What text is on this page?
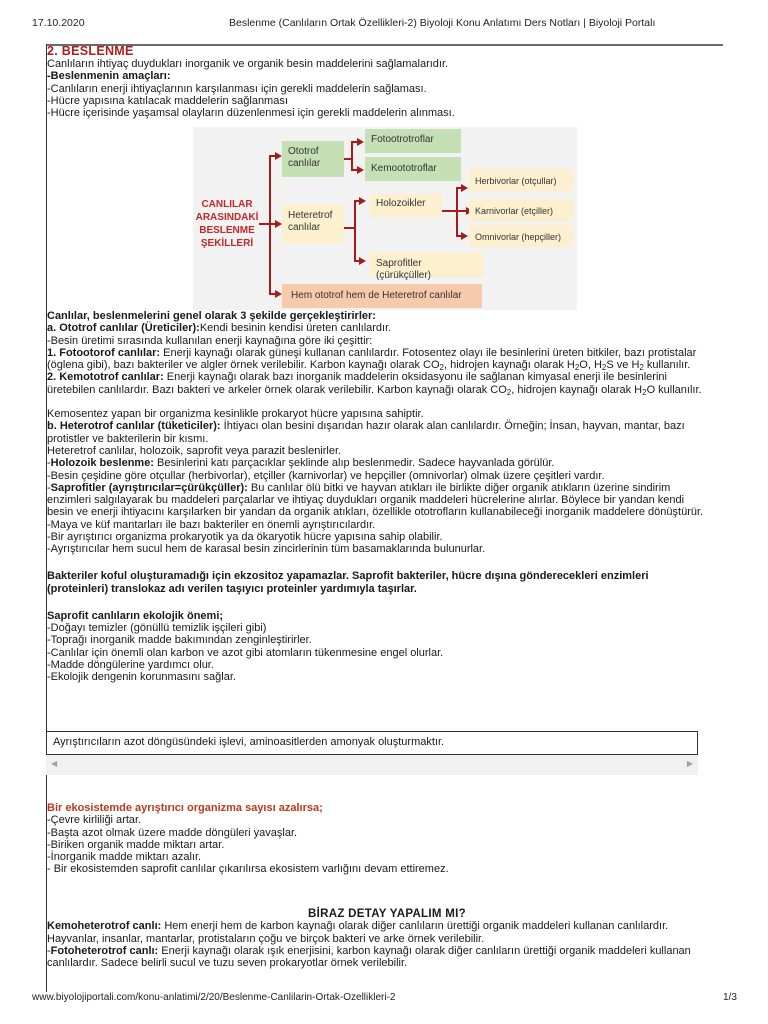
17.10.2020	Beslenme (Canlıların Ortak Özellikleri-2) Biyoloji Konu Anlatımı Ders Notları | Biyoloji Portalı
2. BESLENME
Canlıların ihtiyaç duydukları inorganik ve organik besin maddelerini sağlamalarıdır.
-Beslenmenin amaçları:
-Canlıların enerji ihtiyaçlarının karşılanması için gerekli maddelerin sağlaması.
-Hücre yapısına katılacak maddelerin sağlanması
-Hücre içerisinde yaşamsal olayların düzenlenmesi için gerekli maddelerin alınması.
CANLILAR
ARASINDAKİ
BESLENME
ŞEKİLLERİ
Ototrof canlılar
Fotootrotroflar
Kemoototroflar
Heteretrof canlılar
Holozoikler
Saprofitler (çürükçüller)
Herbivorlar (otçullar)
Karnivorlar (etçiller)
Omnivorlar (hepçiller)
Hem ototrof hem de Heteretrof canlılar
Canlılar, beslenmelerini genel olarak 3 şekilde gerçekleştirirler:
a. Ototrof canlılar (Üreticiler):Kendi besinin kendisi üreten canlılardır.
-Besin üretimi sırasında kullanılan enerji kaynağına göre iki çeşittir:
1. Fotootorof canlılar: Enerji kaynağı olarak güneşi kullanan canlılardır. Fotosentez olayı ile besinlerini üreten bitkiler, bazı protistalar
(öglena gibi), bazı bakteriler ve algler örnek verilebilir. Karbon kaynağı olarak $CO_2$, hidrojen kaynağı olarak $H_2O$, $H_2S$ ve $H_2$ kullanılır.
2. Kemototrof canlılar: Enerji kaynağı olarak bazı inorganik maddelerin oksidasyonu ile sağlanan kimyasal enerji ile besinlerini
üretebilen canlılardır. Bazı bakteri ve arkeler örnek olarak verilebilir. Karbon kaynağı olarak $CO_2$, hidrojen kaynağı olarak $H_2O$ kullanılır.
Kemosentez yapan bir organizma kesinlikle prokaryot hücre yapısına sahiptir.
b. Heterotrof canlılar (tüketiciler): İhtiyacı olan besini dışarıdan hazır olarak alan canlılardır. Örneğin; İnsan, hayvan, mantar, bazı
protistler ve bakterilerin bir kısmı.
Heteretrof canlılar, holozoik, saprofit veya parazit beslenirler.
-Holozoik beslenme: Besinlerini katı parçacıklar şeklinde alıp beslenmedir. Sadece hayvanlada görülür.
-Besin çeşidine göre otçullar (herbivorlar), etçiller (karnivorlar) ve hepçiller (omnivorlar) olmak üzere çeşitleri vardır.
-Saprofitler (ayrıştırıcılar=çürükçüller): Bu canlılar ölü bitki ve hayvan atıkları ile birlikte diğer organik atıkların üzerine sindirim
enzimleri salgılayarak bu maddeleri parçalarlar ve ihtiyaç duydukları organik maddeleri hücrelerine alırlar. Böylece bir yandan kendi
besin ve enerji ihtiyacını karşılarken bir yandan da organik atıkları, özellikle ototrofların kullanabileceği inorganik maddelere dönüştürür.
-Maya ve küf mantarları ile bazı bakteriler en önemli ayrıştırıcılardır.
-Bir ayrıştırıcı organizma prokaryotik ya da ökaryotik hücre yapısına sahip olabilir.
-Ayrıştırıcılar hem sucul hem de karasal besin zincirlerinin tüm basamaklarında bulunurlar.
Bakteriler koful oluşturamadığı için ekzositoz yapamazlar. Saprofit bakteriler, hücre dışına gönderecekleri enzimleri
(proteinleri) translokaz adı verilen taşıyıcı proteinler yardımıyla taşırlar.
Saprofit canlıların ekolojik önemi;
-Doğayı temizler (gönüllü temizlik işçileri gibi)
-Toprağı inorganik madde bakımından zenginleştirirler.
-Canlılar için önemli olan karbon ve azot gibi atomların tükenmesine engel olurlar.
-Madde döngülerine yardımcı olur.
-Ekolojik dengenin korunmasını sağlar.
Ayrıştırıcıların azot döngüsündeki işlevi, aminoasitlerden amonyak oluşturmaktır.
◀	▶
Bir ekosistemde ayrıştırıcı organizma sayısı azalırsa;
-Çevre kirliliği artar.
-Başta azot olmak üzere madde döngüleri yavaşlar.
-Biriken organik madde miktarı artar.
-İnorganik madde miktarı azalır.
- Bir ekosistemden saprofit canlılar çıkarılırsa ekosistem varlığını devam ettiremez.
BİRAZ DETAY YAPALIM MI?
Kemoheterotrof canlı: Hem enerji hem de karbon kaynağı olarak diğer canlıların ürettiği organik maddeleri kullanan canlılardır.
Hayvanlar, insanlar, mantarlar, protistaların çoğu ve birçok bakteri ve arke örnek verilebilir.
-Fotoheterotrof canlı: Enerji kaynağı olarak ışık enerjisini, karbon kaynağı olarak diğer canlıların ürettiği organik maddeleri kullanan
canlılardır. Sadece belirli sucul ve tuzu seven prokaryotlar örnek verilebilir.
www.biyolojiportali.com/konu-anlatimi/2/20/Beslenme-Canlilarin-Ortak-Ozellikleri-2	1/3
